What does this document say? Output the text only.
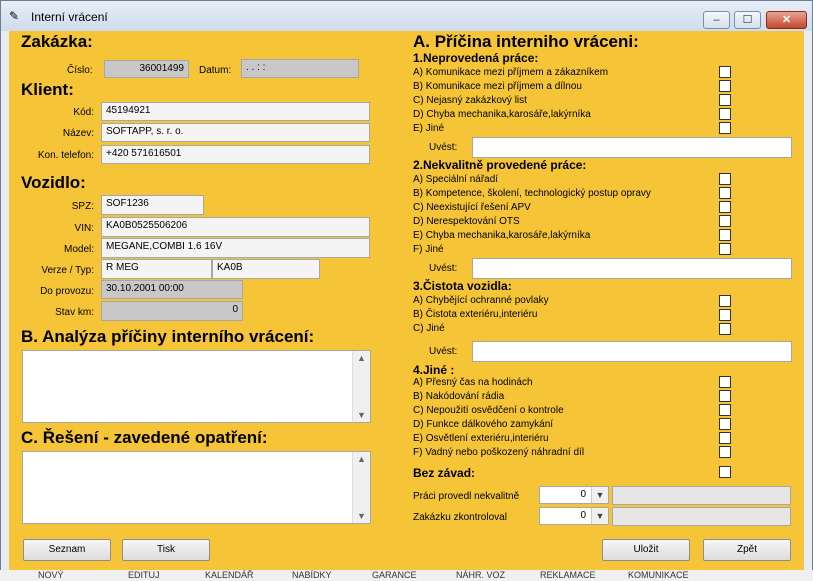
✎ Interní vrácení	–	☐	✕
Zakázka:
Číslo:	36001499	Datum:	. . : :
Klient:
Kód:	45194921
Název:	SOFTAPP, s. r. o.
Kon. telefon:	+420 571616501
Vozidlo:
SPZ:	SOF1236
VIN:	KA0B0525506206
Model:	MEGANE,COMBI 1.6 16V
Verze / Typ:	R MEG	KA0B
Do provozu:	30.10.2001 00:00
Stav km:	0
B. Analýza příčiny interního vrácení:
▲
▼
C. Řešení - zavedené opatření:
▲
▼
A. Příčina interniho vráceni:
1.Neprovedená práce:
A) Komunikace mezi příjmem a zákazníkem
B) Komunikace mezi příjmem a dílnou
C) Nejasný zakázkový list
D) Chyba mechanika,karosáře,lakýrníka
E) Jiné
Uvést:
2.Nekvalitně provedené práce:
A) Speciální nářadí
B) Kompetence, školení, technologický postup opravy
C) Neexistující řešení APV
D) Nerespektování OTS
E) Chyba mechanika,karosáře,lakýrníka
F) Jiné
Uvést:
3.Čistota vozidla:
A) Chybějící ochranné povlaky
B) Čistota exteriéru,interiéru
C) Jiné
Uvést:
4.Jiné :
A) Přesný čas na hodinách
B) Nakódování rádia
C) Nepoužití osvědčení o kontrole
D) Funkce dálkového zamykání
E) Osvětlení exteriéru,interiéru
F) Vadný nebo poškozený náhradní díl
Bez závad:
Práci provedl nekvalitně	0	▼
Zakázku zkontroloval	0	▼
Seznam	Tisk	Uložit	Zpět
NOVÝ	EDITUJ	KALENDÁŘ	NABÍDKY	GARANCE	NÁHR. VOZ	REKLAMACE	KOMUNIKACE
